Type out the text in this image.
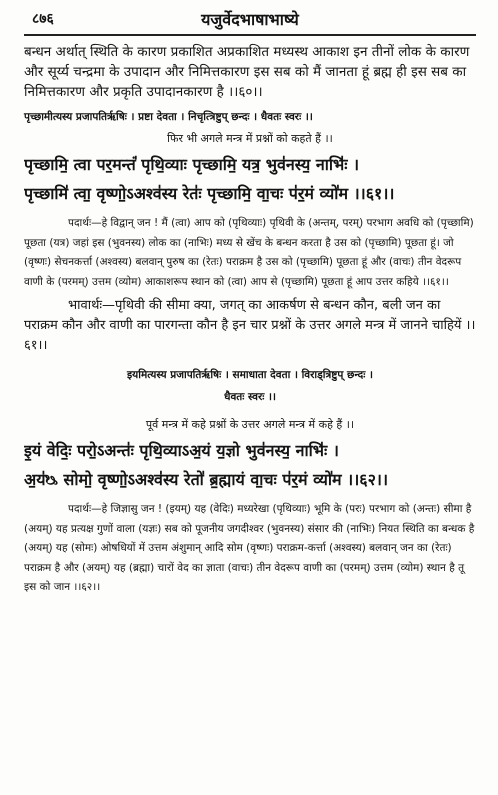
८७६	यजुर्वेदभाषाभाष्ये

बन्धन अर्थात् स्थिति के कारण प्रकाशित अप्रकाशित मध्यस्थ आकाश इन तीनों लोक के कारण और सूर्य्य चन्द्रमा के उपादान और निमित्तकारण इस सब को मैं जानता हूं ब्रह्म ही इस सब का निमित्तकारण और प्रकृति उपादानकारण है ।।६०।।

पृच्छामीत्यस्य प्रजापतिर्ऋषिः । प्रष्टा देवता । निचृत्त्रिष्टुप् छन्दः । धैवतः स्वरः ।।

फिर भी अगले मन्त्र में प्रश्नों को कहते हैं ।।

पृच्छामि॒ त्वा पर॒मन्तं॑ पृथि॒व्याः पृच्छामि॒ यत्र॒ भुव॑नस्य॒ नाभिः॑ ।

पृच्छामि॑ त्वा॒ वृष्णो॒ऽअश्व॑स्य रेतः॑ पृच्छामि॒ वा॒चः प॑र॒मं व्यो॑म ।।६१।।

पदार्थः—हे विद्वान् जन ! मैं (त्वा) आप को (पृथिव्याः) पृथिवी के (अन्तम्, परम्) परभाग अवधि को (पृच्छामि) पूछता (यत्र) जहां इस (भुवनस्य) लोक का (नाभिः) मध्य से खेंच के बन्धन करता है उस को (पृच्छामि) पूछता हूं। जो (वृष्णः) सेचनकर्त्ता (अश्वस्य) बलवान् पुरुष का (रेतः) पराक्रम है उस को (पृच्छामि) पूछता हूं और (वाचः) तीन वेदरूप वाणी के (परमम्) उत्तम (व्योम) आकाशरूप स्थान को (त्वा) आप से (पृच्छामि) पूछता हूं आप उत्तर कहिये ।।६१।।

भावार्थः—पृथिवी की सीमा क्या, जगत् का आकर्षण से बन्धन कौन, बली जन का पराक्रम कौन और वाणी का पारगन्ता कौन है इन चार प्रश्नों के उत्तर अगले मन्त्र में जानने चाहियें ।।६१।।

इयमित्यस्य प्रजापतिर्ऋषिः । समाधाता देवता । विराड्त्रिष्टुप् छन्दः ।

धैवतः स्वरः ।।

पूर्व मन्त्र में कहे प्रश्नों के उत्तर अगले मन्त्र में कहे हैं ।।

इ॒यं वेदिः॒ परो॒ऽअन्तः॑ पृथि॒व्याऽअ॒यं य॒ज्ञो भुव॑नस्य॒ नाभिः॑ ।

अ॒य॑ᳬ सोमो॒ वृष्णो॒ऽअश्व॑स्य रेतो॑ ब्र॒ह्मायं वा॒चः प॑र॒मं व्यो॑म ।।६२।।

पदार्थः—हे जिज्ञासु जन ! (इयम्) यह (वेदिः) मध्यरेखा (पृथिव्याः) भूमि के (परः) परभाग को (अन्तः) सीमा है (अयम्) यह प्रत्यक्ष गुणों वाला (यज्ञः) सब को पूजनीय जगदीश्वर (भुवनस्य) संसार की (नाभिः) नियत स्थिति का बन्धक है (अयम्) यह (सोमः) ओषधियों में उत्तम अंशुमान् आदि सोम (वृष्णः) पराक्रम-कर्त्ता (अश्वस्य) बलवान् जन का (रेतः) पराक्रम है और (अयम्) यह (ब्रह्मा) चारों वेद का ज्ञाता (वाचः) तीन वेदरूप वाणी का (परमम्) उत्तम (व्योम) स्थान है तू इस को जान ।।६२।।
